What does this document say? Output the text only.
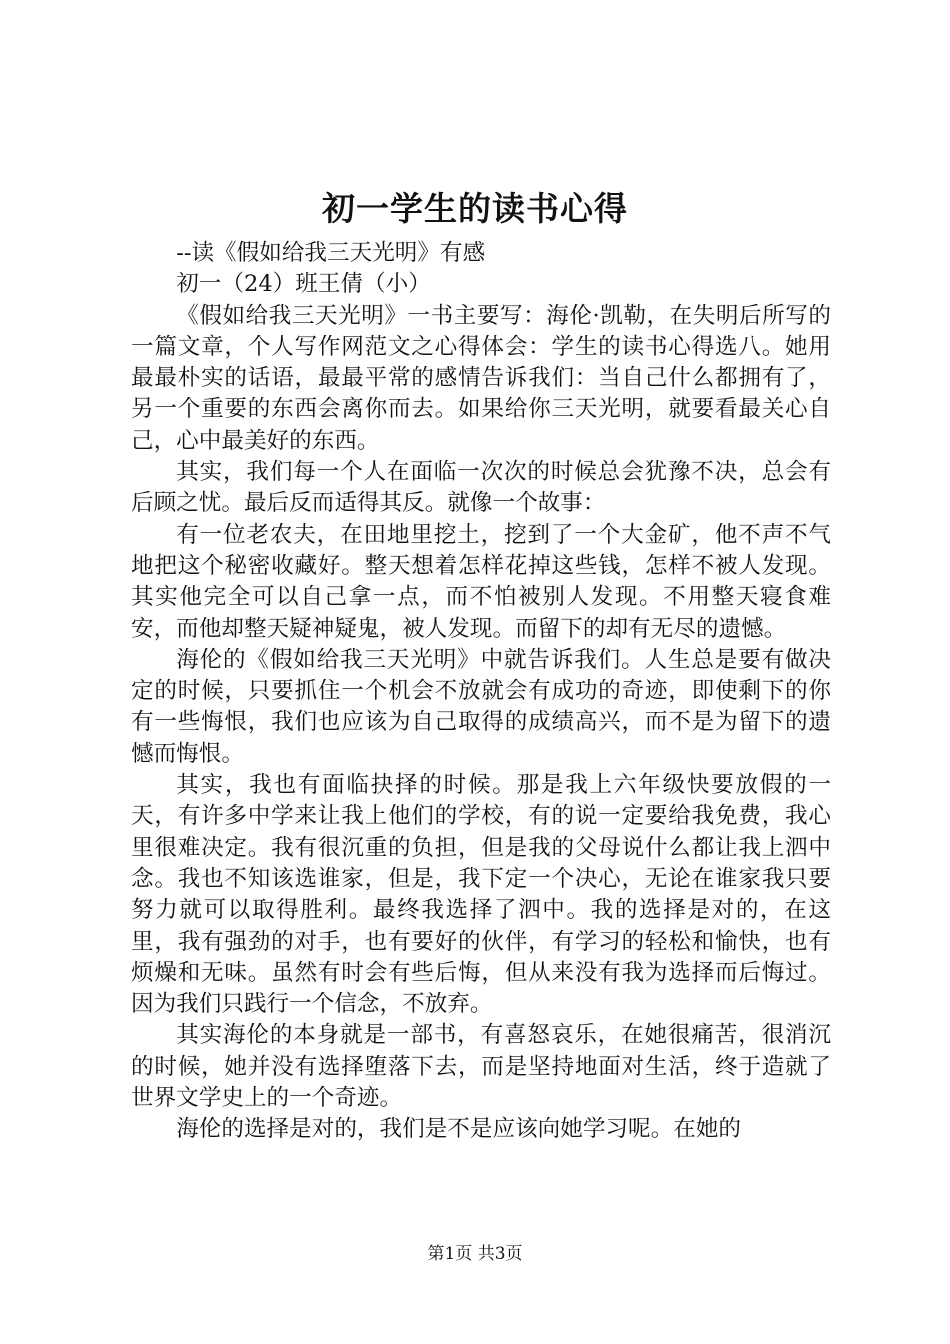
初一学生的读书心得

--读《假如给我三天光明》有感

初一（24）班王倩（小）

《假如给我三天光明》一书主要写：海伦·凯勒，在失明后所写的一篇文章，个人写作网范文之心得体会：学生的读书心得选八。她用最最朴实的话语，最最平常的感情告诉我们：当自己什么都拥有了，另一个重要的东西会离你而去。如果给你三天光明，就要看最关心自己，心中最美好的东西。

其实，我们每一个人在面临一次次的时候总会犹豫不决，总会有后顾之忧。最后反而适得其反。就像一个故事：

有一位老农夫，在田地里挖土，挖到了一个大金矿，他不声不气地把这个秘密收藏好。整天想着怎样花掉这些钱，怎样不被人发现。其实他完全可以自己拿一点，而不怕被别人发现。不用整天寝食难安，而他却整天疑神疑鬼，被人发现。而留下的却有无尽的遗憾。

海伦的《假如给我三天光明》中就告诉我们。人生总是要有做决定的时候，只要抓住一个机会不放就会有成功的奇迹，即使剩下的你有一些悔恨，我们也应该为自己取得的成绩高兴，而不是为留下的遗憾而悔恨。

其实，我也有面临抉择的时候。那是我上六年级快要放假的一天，有许多中学来让我上他们的学校，有的说一定要给我免费，我心里很难决定。我有很沉重的负担，但是我的父母说什么都让我上泗中念。我也不知该选谁家，但是，我下定一个决心，无论在谁家我只要努力就可以取得胜利。最终我选择了泗中。我的选择是对的，在这里，我有强劲的对手，也有要好的伙伴，有学习的轻松和愉快，也有烦燥和无味。虽然有时会有些后悔，但从来没有我为选择而后悔过。因为我们只践行一个信念，不放弃。

其实海伦的本身就是一部书，有喜怒哀乐，在她很痛苦，很消沉的时候，她并没有选择堕落下去，而是坚持地面对生活，终于造就了世界文学史上的一个奇迹。

海伦的选择是对的，我们是不是应该向她学习呢。在她的

第1页 共3页
